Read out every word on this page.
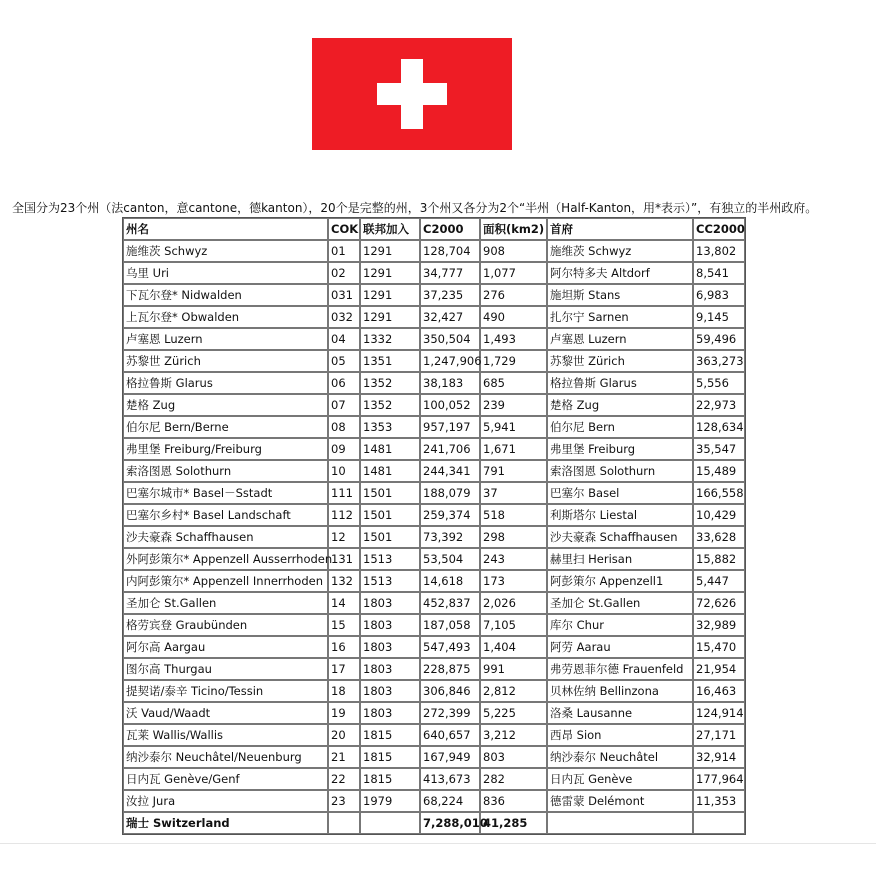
全国分为23个州（法canton，意cantone，德kanton），20个是完整的州，3个州又各分为2个“半州（Half-Kanton，用*表示）”，有独立的半州政府。
州名	COK	联邦加入	C2000	面积(km2)	首府	CC2000
施维茨 Schwyz	01	1291	128,704	908	施维茨 Schwyz	13,802
乌里 Uri	02	1291	34,777	1,077	阿尔特多夫 Altdorf	8,541
下瓦尔登* Nidwalden	031	1291	37,235	276	施坦斯 Stans	6,983
上瓦尔登* Obwalden	032	1291	32,427	490	扎尔宁 Sarnen	9,145
卢塞恩 Luzern	04	1332	350,504	1,493	卢塞恩 Luzern	59,496
苏黎世 Zürich	05	1351	1,247,906	1,729	苏黎世 Zürich	363,273
格拉鲁斯 Glarus	06	1352	38,183	685	格拉鲁斯 Glarus	5,556
楚格 Zug	07	1352	100,052	239	楚格 Zug	22,973
伯尔尼 Bern/Berne	08	1353	957,197	5,941	伯尔尼 Bern	128,634
弗里堡 Freiburg/Freiburg	09	1481	241,706	1,671	弗里堡 Freiburg	35,547
索洛图恩 Solothurn	10	1481	244,341	791	索洛图恩 Solothurn	15,489
巴塞尔城市* Basel－Sstadt	111	1501	188,079	37	巴塞尔 Basel	166,558
巴塞尔乡村* Basel Landschaft	112	1501	259,374	518	利斯塔尔 Liestal	10,429
沙夫豪森 Schaffhausen	12	1501	73,392	298	沙夫豪森 Schaffhausen	33,628
外阿彭策尔* Appenzell Ausserrhoden	131	1513	53,504	243	赫里扫 Herisan	15,882
内阿彭策尔* Appenzell Innerrhoden	132	1513	14,618	173	阿彭策尔 Appenzell1	5,447
圣加仑 St.Gallen	14	1803	452,837	2,026	圣加仑 St.Gallen	72,626
格劳宾登 Graubünden	15	1803	187,058	7,105	库尔 Chur	32,989
阿尔高 Aargau	16	1803	547,493	1,404	阿劳 Aarau	15,470
图尔高 Thurgau	17	1803	228,875	991	弗劳恩菲尔德 Frauenfeld	21,954
提契诺/泰辛 Ticino/Tessin	18	1803	306,846	2,812	贝林佐纳 Bellinzona	16,463
沃 Vaud/Waadt	19	1803	272,399	5,225	洛桑 Lausanne	124,914
瓦莱 Wallis/Wallis	20	1815	640,657	3,212	西昂 Sion	27,171
纳沙泰尔 Neuchâtel/Neuenburg	21	1815	167,949	803	纳沙泰尔 Neuchâtel	32,914
日内瓦 Genève/Genf	22	1815	413,673	282	日内瓦 Genève	177,964
汝拉 Jura	23	1979	68,224	836	德雷蒙 Delémont	11,353
瑞士 Switzerland			7,288,010	41,285		
